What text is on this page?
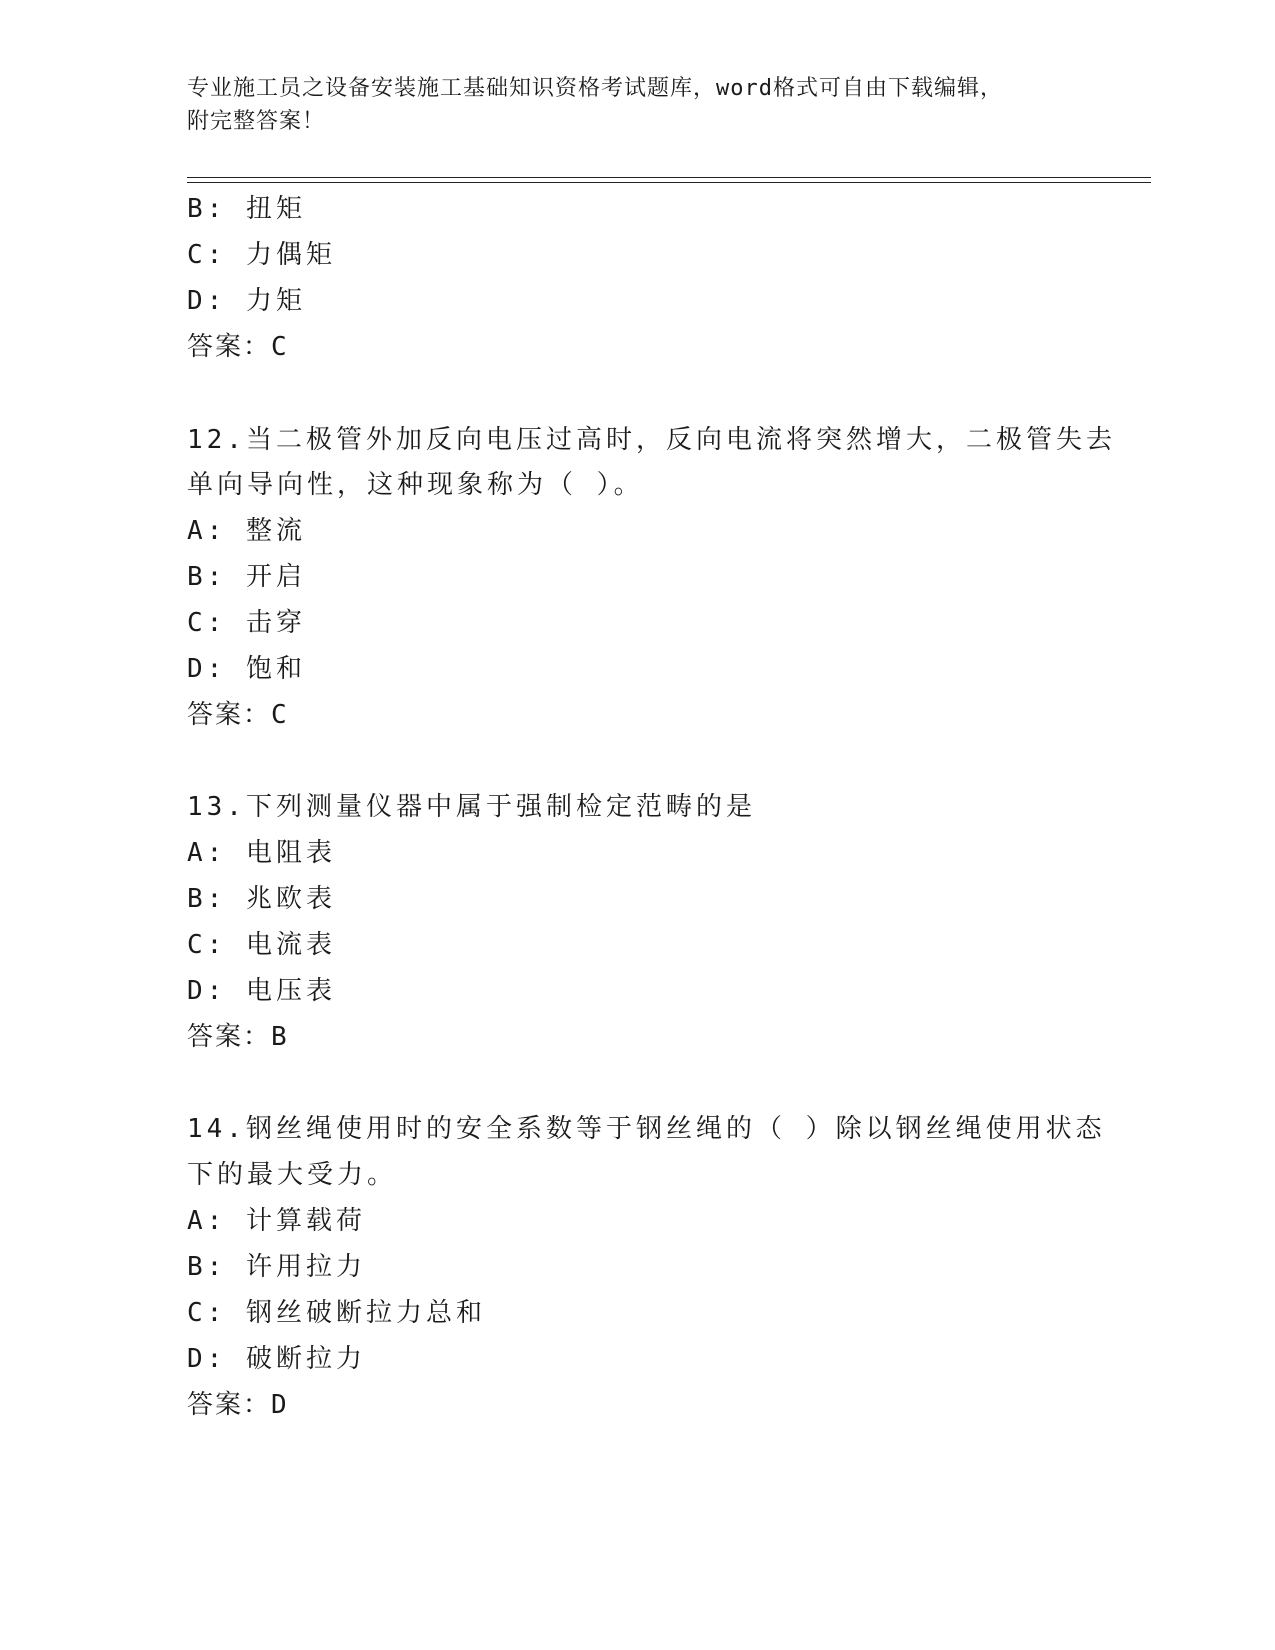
专业施工员之设备安装施工基础知识资格考试题库，word格式可自由下载编辑，
附完整答案！
B: 扭矩
C: 力偶矩
D: 力矩
答案：C
12.当二极管外加反向电压过高时，反向电流将突然增大，二极管失去
单向导向性，这种现象称为（ ）。
A: 整流
B: 开启
C: 击穿
D: 饱和
答案：C
13.下列测量仪器中属于强制检定范畴的是
A: 电阻表
B: 兆欧表
C: 电流表
D: 电压表
答案：B
14.钢丝绳使用时的安全系数等于钢丝绳的（ ）除以钢丝绳使用状态
下的最大受力。
A: 计算载荷
B: 许用拉力
C: 钢丝破断拉力总和
D: 破断拉力
答案：D
